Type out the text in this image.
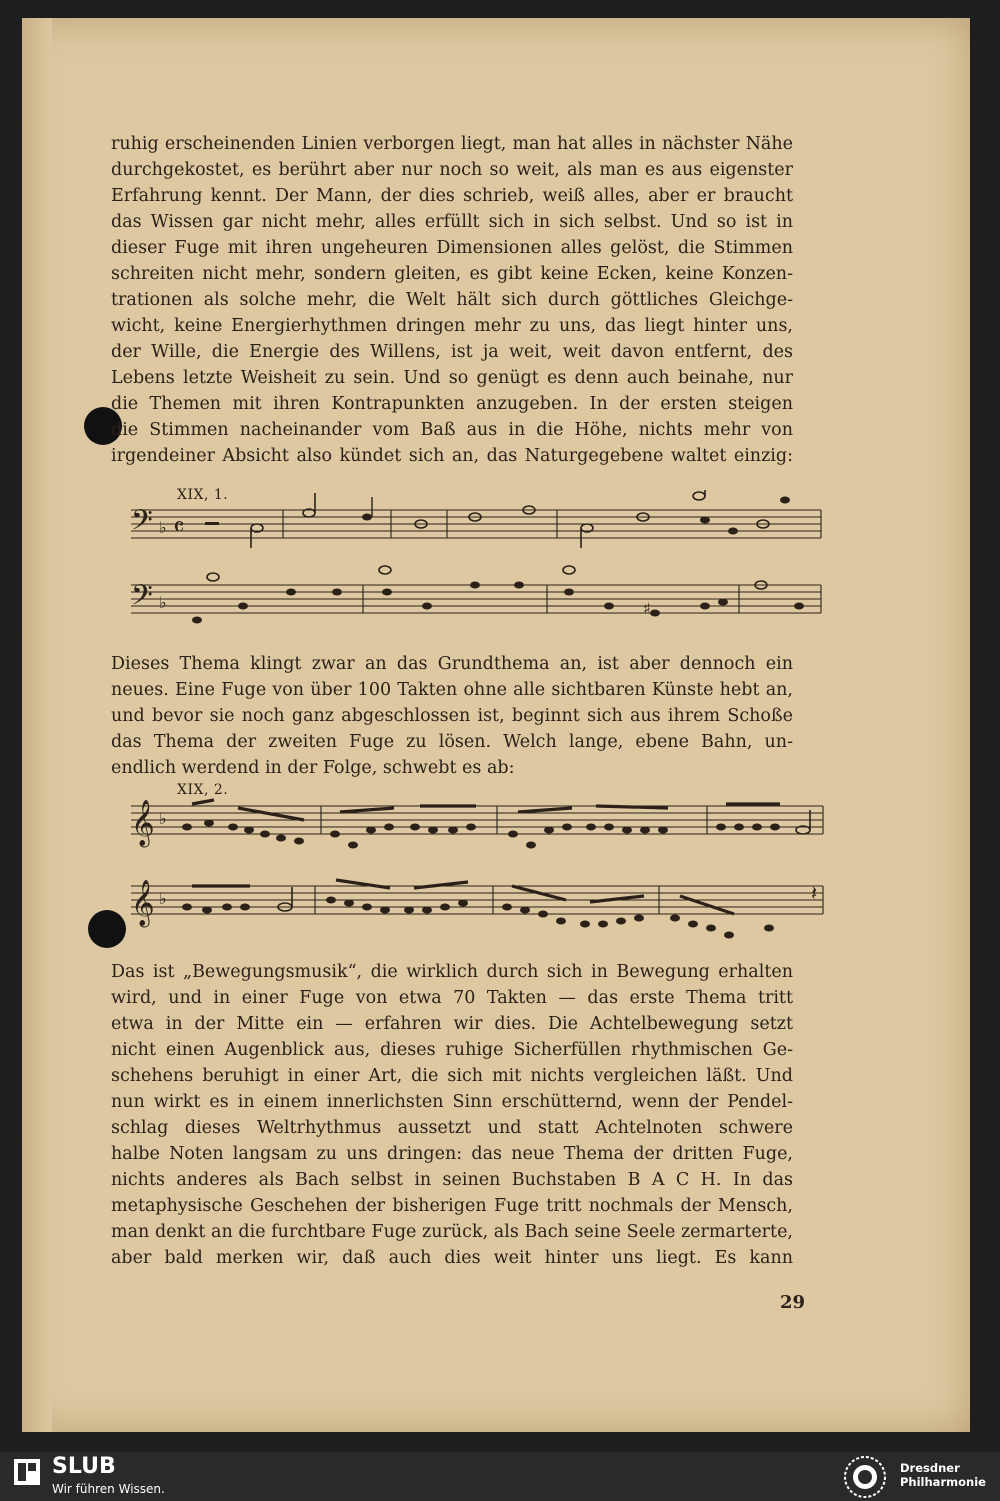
ruhig erscheinenden Linien verborgen liegt, man hat alles in nächster Nähe
durchgekostet, es berührt aber nur noch so weit, als man es aus eigenster
Erfahrung kennt. Der Mann, der dies schrieb, weiß alles, aber er braucht
das Wissen gar nicht mehr, alles erfüllt sich in sich selbst. Und so ist in
dieser Fuge mit ihren ungeheuren Dimensionen alles gelöst, die Stimmen
schreiten nicht mehr, sondern gleiten, es gibt keine Ecken, keine Konzen-
trationen als solche mehr, die Welt hält sich durch göttliches Gleichge-
wicht, keine Energierhythmen dringen mehr zu uns, das liegt hinter uns,
der Wille, die Energie des Willens, ist ja weit, weit davon entfernt, des
Lebens letzte Weisheit zu sein. Und so genügt es denn auch beinahe, nur
die Themen mit ihren Kontrapunkten anzugeben. In der ersten steigen
die Stimmen nacheinander vom Baß aus in die Höhe, nichts mehr von
irgendeiner Absicht also kündet sich an, das Naturgegebene waltet einzig:
XIX, 1.
𝄢 ♭ 𝄴
𝄢 ♭	♯
Dieses Thema klingt zwar an das Grundthema an, ist aber dennoch ein
neues. Eine Fuge von über 100 Takten ohne alle sichtbaren Künste hebt an,
und bevor sie noch ganz abgeschlossen ist, beginnt sich aus ihrem Schoße
das Thema der zweiten Fuge zu lösen. Welch lange, ebene Bahn, un-
endlich werdend in der Folge, schwebt es ab:
XIX, 2.
𝄞 ♭
𝄞 ♭	𝄽
Das ist „Bewegungsmusik“, die wirklich durch sich in Bewegung erhalten
wird, und in einer Fuge von etwa 70 Takten — das erste Thema tritt
etwa in der Mitte ein — erfahren wir dies. Die Achtelbewegung setzt
nicht einen Augenblick aus, dieses ruhige Sicherfüllen rhythmischen Ge-
schehens beruhigt in einer Art, die sich mit nichts vergleichen läßt. Und
nun wirkt es in einem innerlichsten Sinn erschütternd, wenn der Pendel-
schlag dieses Weltrhythmus aussetzt und statt Achtelnoten schwere
halbe Noten langsam zu uns dringen: das neue Thema der dritten Fuge,
nichts anderes als Bach selbst in seinen Buchstaben B A C H. In das
metaphysische Geschehen der bisherigen Fuge tritt nochmals der Mensch,
man denkt an die furchtbare Fuge zurück, als Bach seine Seele zermarterte,
aber bald merken wir, daß auch dies weit hinter uns liegt. Es kann
29
SLUB
Wir führen Wissen.
Dresdner
Philharmonie
